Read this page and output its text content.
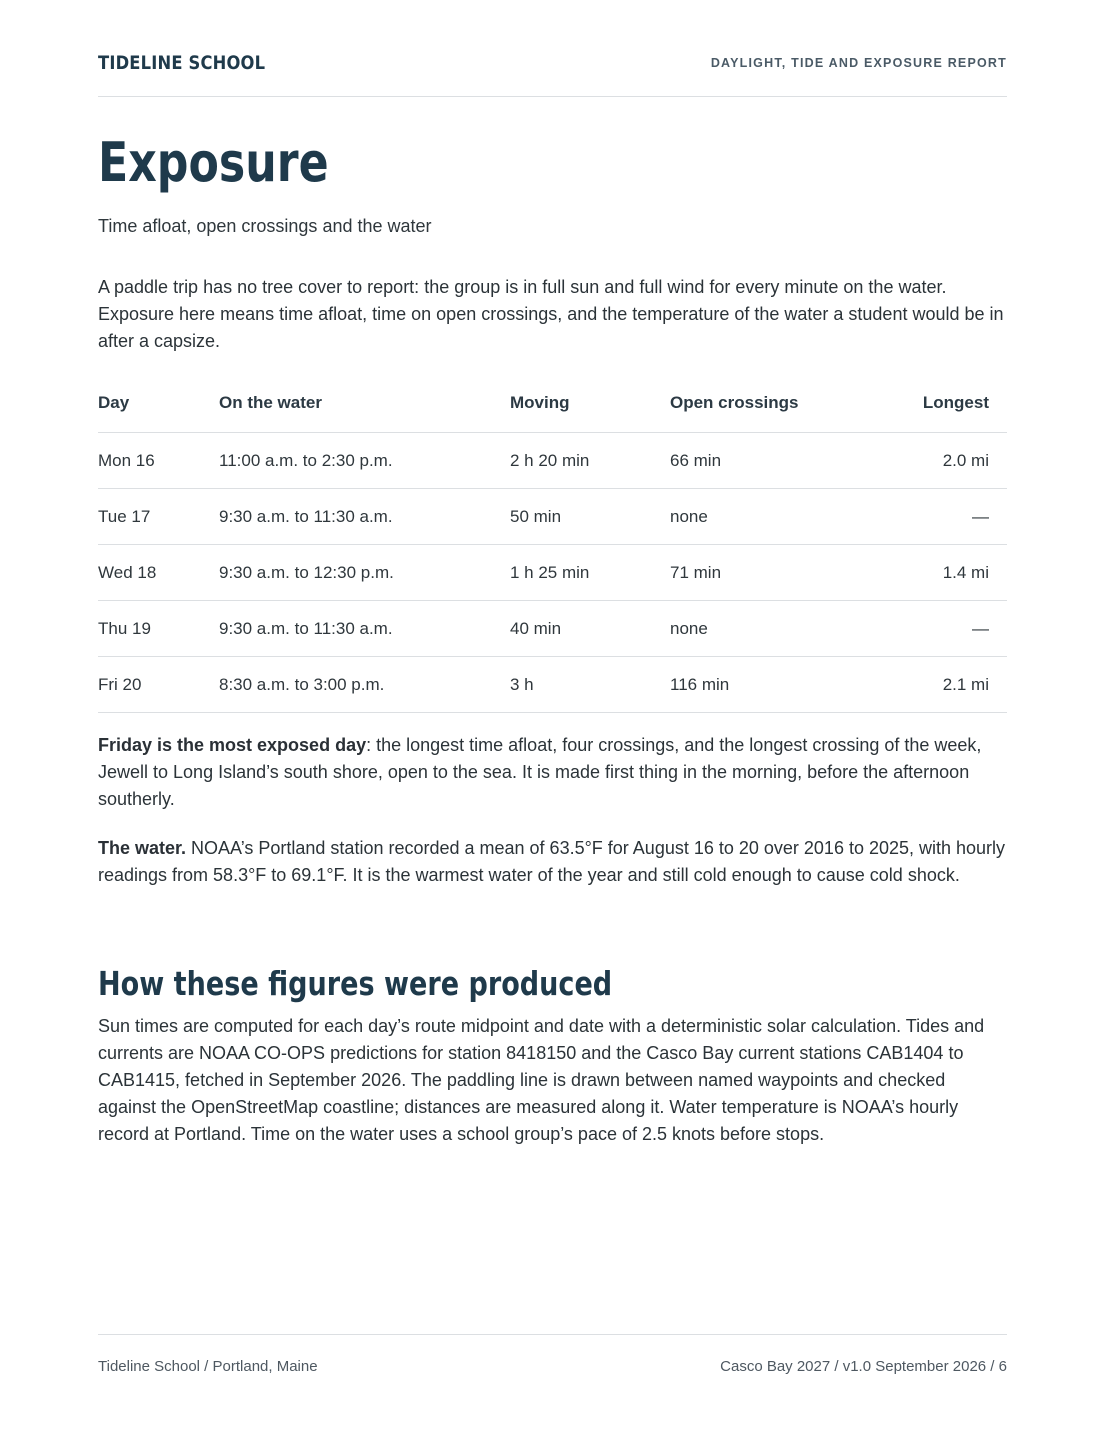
TIDELINE SCHOOL	DAYLIGHT, TIDE AND EXPOSURE REPORT
Exposure
Time afloat, open crossings and the water

A paddle trip has no tree cover to report: the group is in full sun and full wind for every minute on the water. Exposure here means time afloat, time on open crossings, and the temperature of the water a student would be in after a capsize.

Day	On the water	Moving	Open crossings	Longest
Mon 16	11:00 a.m. to 2:30 p.m.	2 h 20 min	66 min	2.0 mi
Tue 17	9:30 a.m. to 11:30 a.m.	50 min	none	—
Wed 18	9:30 a.m. to 12:30 p.m.	1 h 25 min	71 min	1.4 mi
Thu 19	9:30 a.m. to 11:30 a.m.	40 min	none	—
Fri 20	8:30 a.m. to 3:00 p.m.	3 h	116 min	2.1 mi

Friday is the most exposed day: the longest time afloat, four crossings, and the longest crossing of the week, Jewell to Long Island’s south shore, open to the sea. It is made first thing in the morning, before the afternoon southerly.

The water. NOAA’s Portland station recorded a mean of 63.5°F for August 16 to 20 over 2016 to 2025, with hourly readings from 58.3°F to 69.1°F. It is the warmest water of the year and still cold enough to cause cold shock.

How these figures were produced

Sun times are computed for each day’s route midpoint and date with a deterministic solar calculation. Tides and currents are NOAA CO-OPS predictions for station 8418150 and the Casco Bay current stations CAB1404 to CAB1415, fetched in September 2026. The paddling line is drawn between named waypoints and checked against the OpenStreetMap coastline; distances are measured along it. Water temperature is NOAA’s hourly record at Portland. Time on the water uses a school group’s pace of 2.5 knots before stops.

Tideline School / Portland, Maine	Casco Bay 2027 / v1.0 September 2026 / 6
